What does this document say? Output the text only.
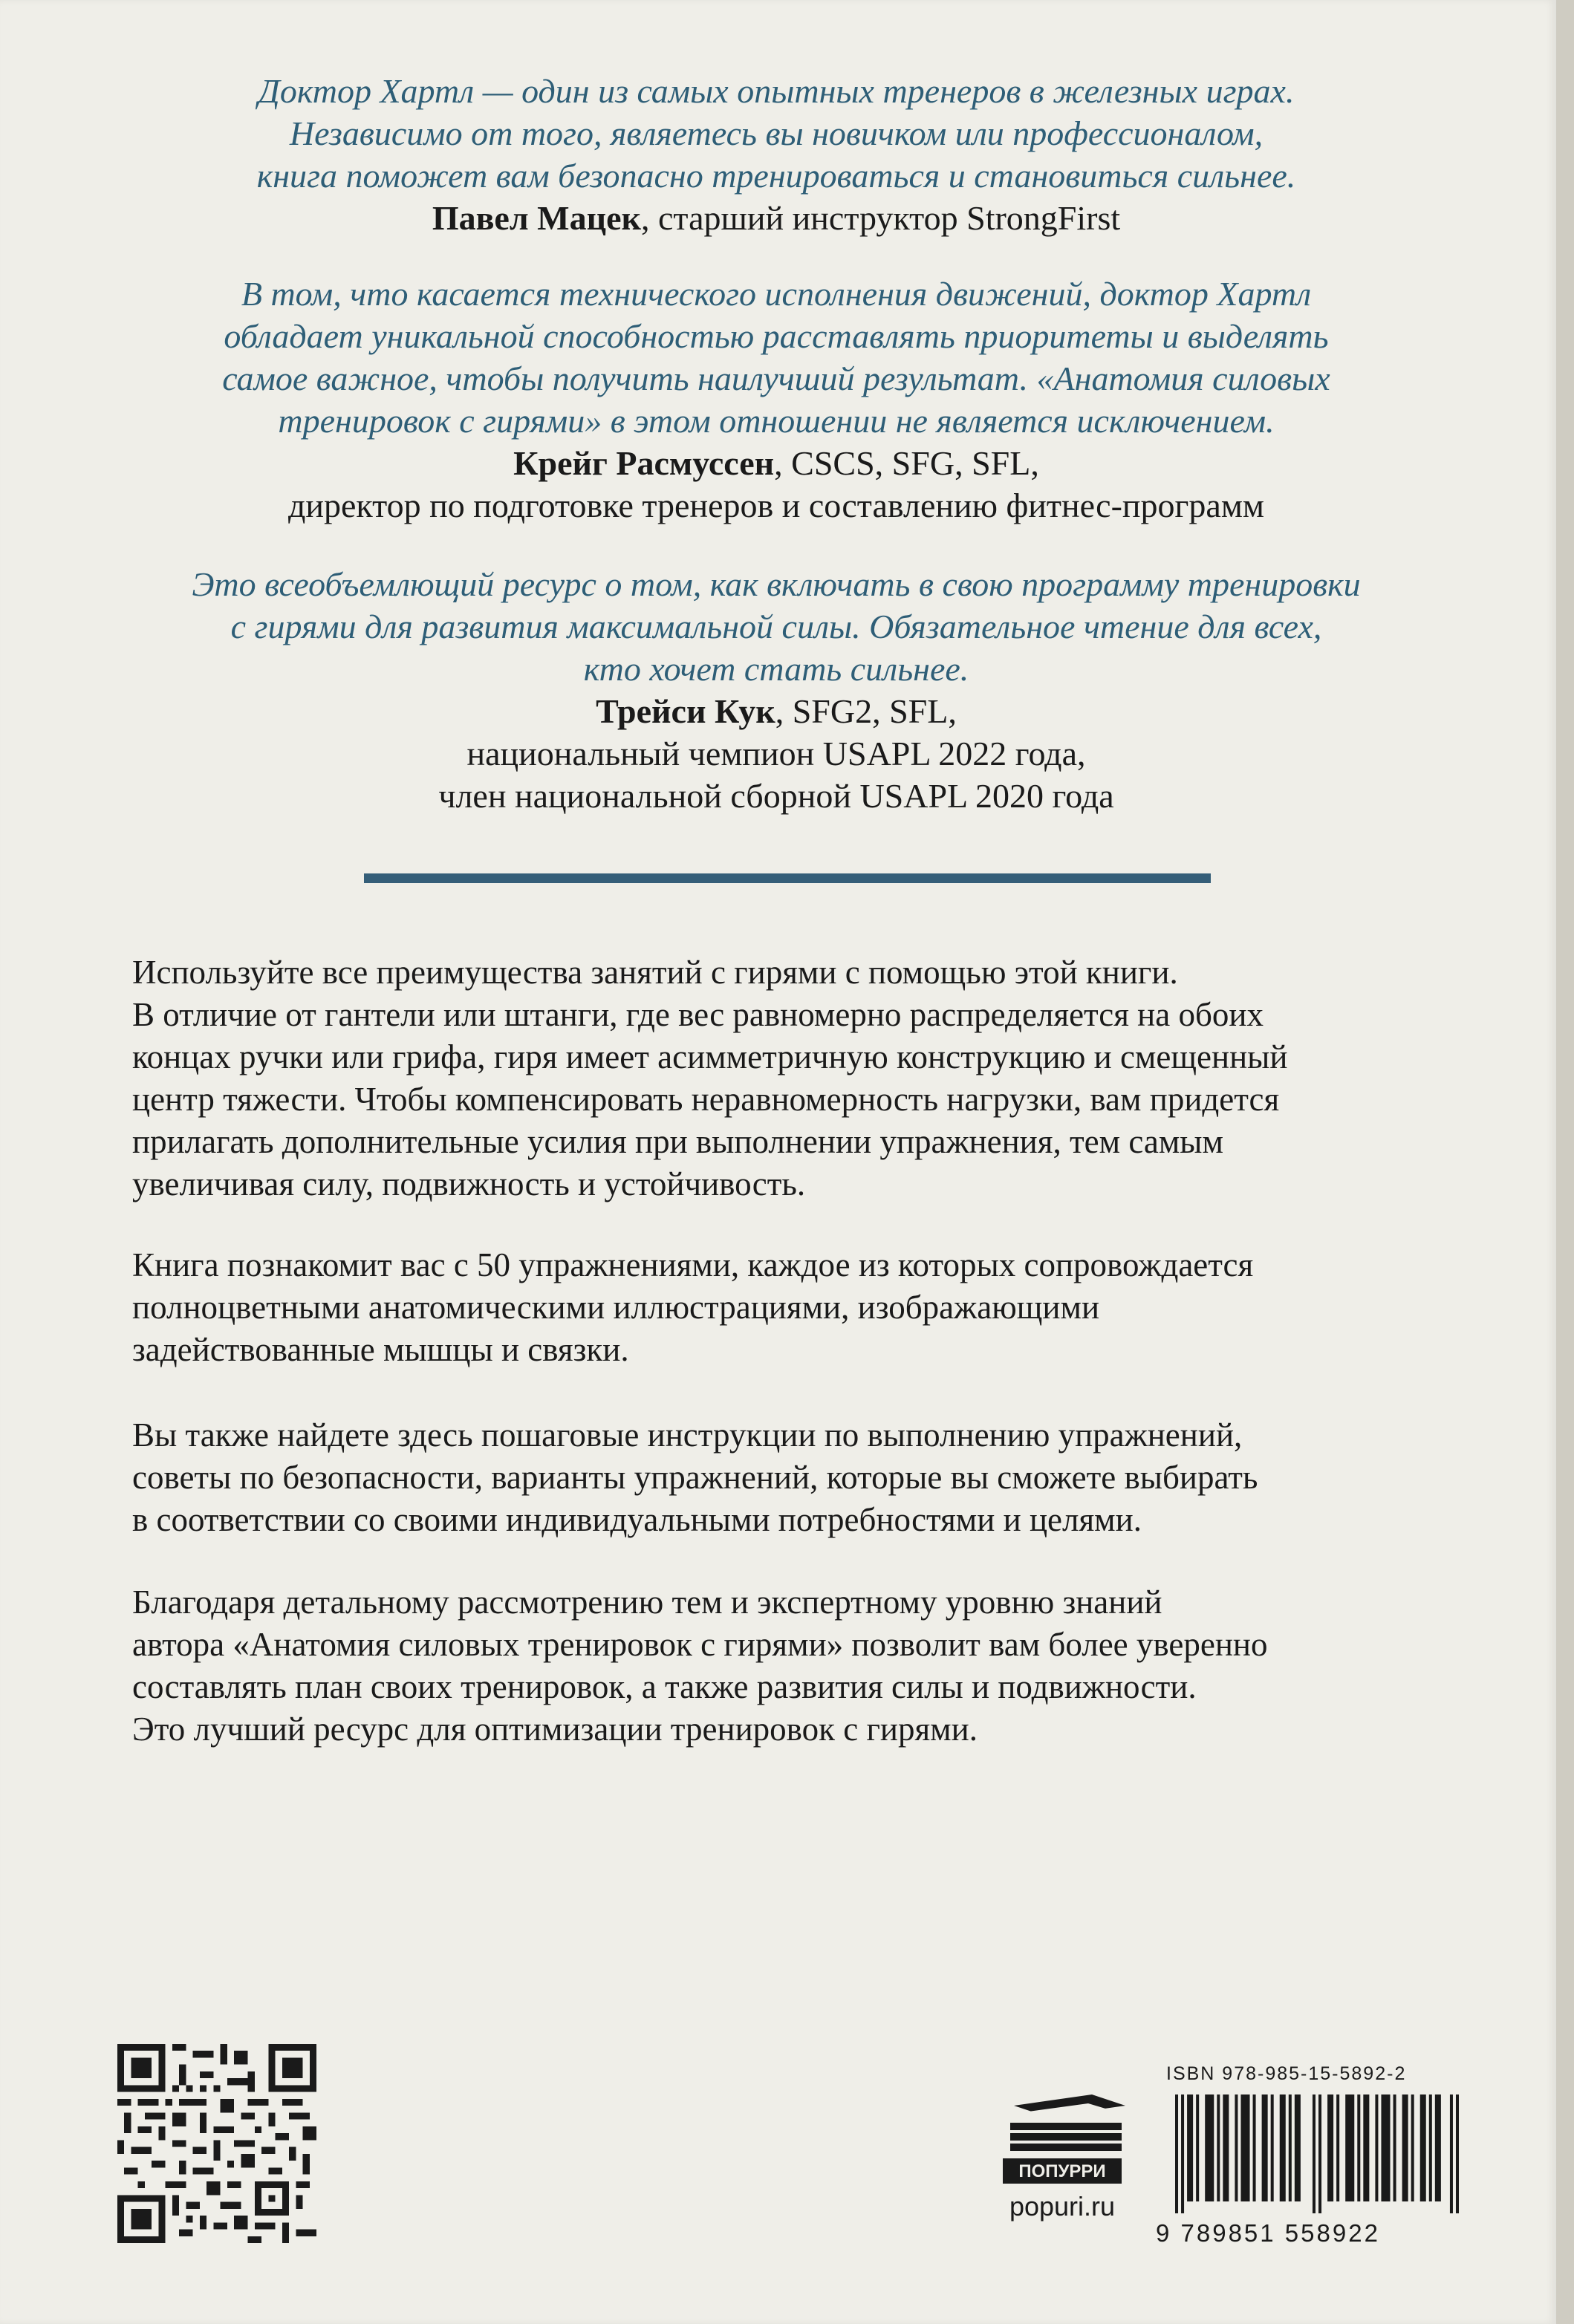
Доктор Хартл — один из самых опытных тренеров в железных играх.
Независимо от того, являетесь вы новичком или профессионалом,
книга поможет вам безопасно тренироваться и становиться сильнее.
Павел Мацек, старший инструктор StrongFirst
В том, что касается технического исполнения движений, доктор Хартл
обладает уникальной способностью расставлять приоритеты и выделять
самое важное, чтобы получить наилучший результат. «Анатомия силовых
тренировок с гирями» в этом отношении не является исключением.
Крейг Расмуссен, CSCS, SFG, SFL,
директор по подготовке тренеров и составлению фитнес-программ
Это всеобъемлющий ресурс о том, как включать в свою программу тренировки
с гирями для развития максимальной силы. Обязательное чтение для всех,
кто хочет стать сильнее.
Трейси Кук, SFG2, SFL,
национальный чемпион USAPL 2022 года,
член национальной сборной USAPL 2020 года

Используйте все преимущества занятий с гирями с помощью этой книги.

В отличие от гантели или штанги, где вес равномерно распределяется на обоих

концах ручки или грифа, гиря имеет асимметричную конструкцию и смещенный

центр тяжести. Чтобы компенсировать неравномерность нагрузки, вам придется

прилагать дополнительные усилия при выполнении упражнения, тем самым

увеличивая силу, подвижность и устойчивость.

Книга познакомит вас с 50 упражнениями, каждое из которых сопровождается

полноцветными анатомическими иллюстрациями, изображающими

задействованные мышцы и связки.

Вы также найдете здесь пошаговые инструкции по выполнению упражнений,

советы по безопасности, варианты упражнений, которые вы сможете выбирать

в соответствии со своими индивидуальными потребностями и целями.

Благодаря детальному рассмотрению тем и экспертному уровню знаний

автора «Анатомия силовых тренировок с гирями» позволит вам более уверенно

составлять план своих тренировок, а также развития силы и подвижности.

Это лучший ресурс для оптимизации тренировок с гирями.

ПОПУРРИ
popuri.ru
ISBN 978-985-15-5892-2
9 789851 558922
